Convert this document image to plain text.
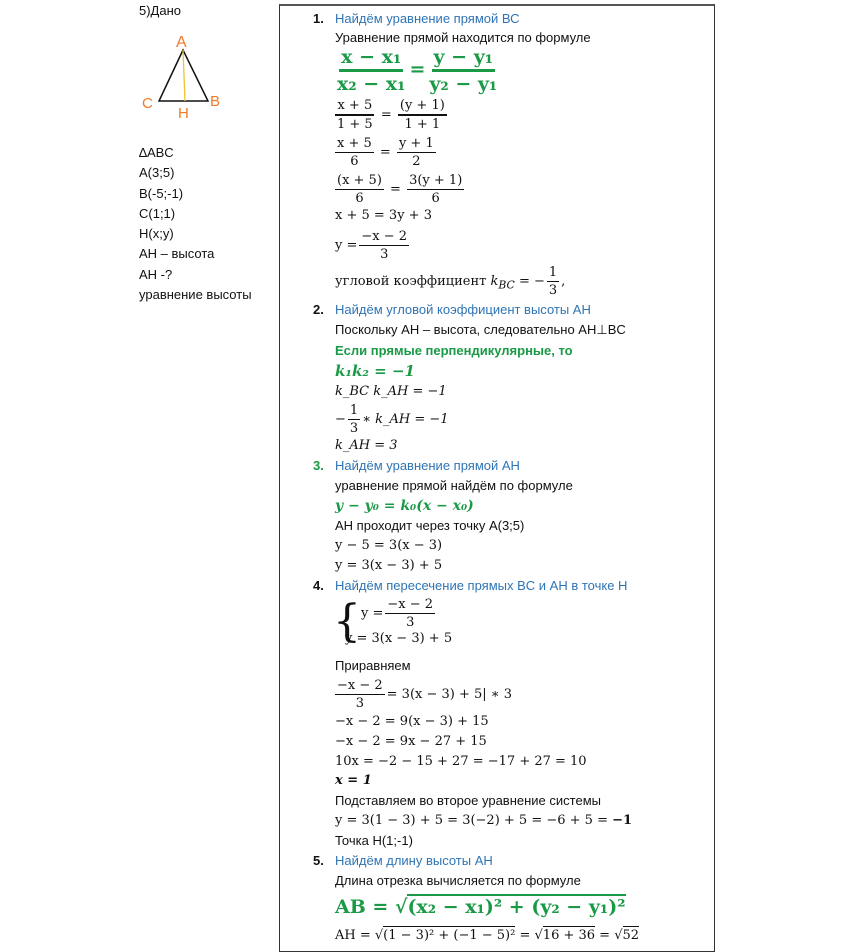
5)Дано
A
C	B
H
∆ABC
A(3;5)
B(-5;-1)
C(1;1)
H(x;y)
AH – высота
AH -?
уравнение высоты
1. Найдём уравнение прямой ВС
Уравнение прямой находится по формуле
$\frac{\text{x − x₁}}{\text{x₂ − x₁}} = \frac{\text{y − y₁}}{\text{y₂ − y₁}}$
$\frac{x + 5}{1 + 5} = \frac{(y + 1)}{1 + 1}$
$\frac{x + 5}{6} = \frac{y + 1}{2}$
$\frac{(x + 5)}{6} = \frac{3(y + 1)}{6}$
x + 5 = 3y + 3
$y = \frac{-x - 2}{3}$
угловой коэффициент $k_{BC}$ = − $\frac{1}{3}$ ,
2. Найдём угловой коэффициент высоты AH
Поскольку AH – высота, следовательно AH⊥BC
Если прямые перпендикулярные, то
k₁k₂ = −1
k_BC k_AH = −1
− $\frac{1}{3}$ ∗ k_AH = −1
k_AH = 3
3. Найдём уравнение прямой AH
уравнение прямой найдём по формуле
y − y₀ = k₀(x − x₀)
AH проходит через точку A(3;5)
y − 5 = 3(x − 3)
y = 3(x − 3) + 5
4. Найдём пересечение прямых BC и AH в точке H
{ $y = \frac{-x - 2}{3}$
y = 3(x − 3) + 5
Приравняем
$\frac{-x - 2}{3} = 3(x - 3) + 5|$ ∗ 3
−x − 2 = 9(x − 3) + 15
−x − 2 = 9x − 27 + 15
10x = −2 − 15 + 27 = −17 + 27 = 10
x = 1
Подставляем во второе уравнение системы
y = 3(1 − 3) + 5 = 3(−2) + 5 = −6 + 5 = −1
Точка H(1;-1)
5. Найдём длину высоты AH
Длина отрезка вычисляется по формуле
AB = √(x₂ − x₁)² + (y₂ − y₁)²
AH = √(1 − 3)² + (−1 − 5)² = √16 + 36 = √52
